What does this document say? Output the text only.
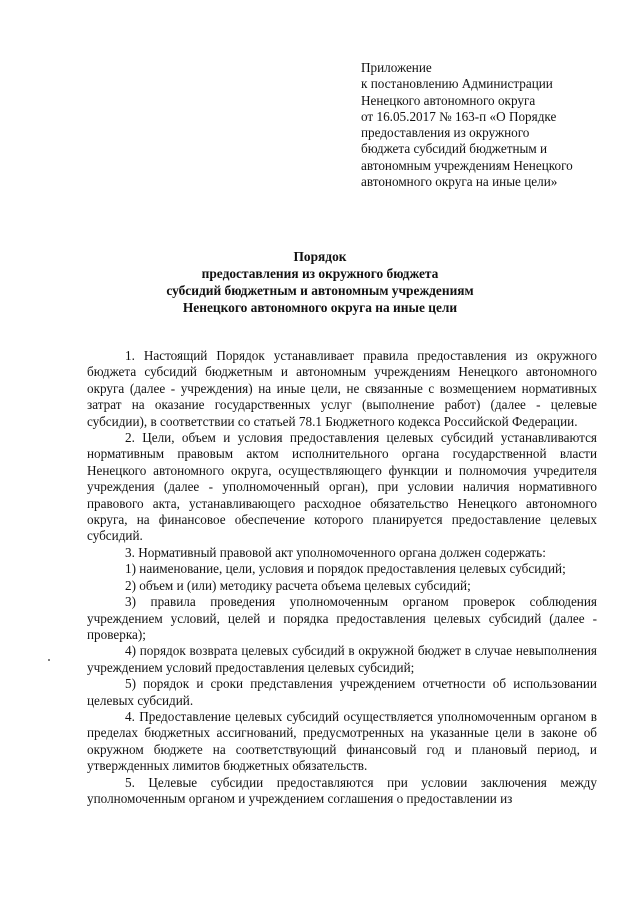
Приложение
к постановлению Администрации
Ненецкого автономного округа
от 16.05.2017 № 163-п «О Порядке
предоставления из окружного
бюджета субсидий бюджетным и
автономным учреждениям Ненецкого
автономного округа на иные цели»
Порядок
предоставления из окружного бюджета
субсидий бюджетным и автономным учреждениям
Ненецкого автономного округа на иные цели

1. Настоящий Порядок устанавливает правила предоставления из окружного бюджета субсидий бюджетным и автономным учреждениям Ненецкого автономного округа (далее - учреждения) на иные цели, не связанные с возмещением нормативных затрат на оказание государственных услуг (выполнение работ) (далее - целевые субсидии), в соответствии со статьей 78.1 Бюджетного кодекса Российской Федерации.

2. Цели, объем и условия предоставления целевых субсидий устанавливаются нормативным правовым актом исполнительного органа государственной власти Ненецкого автономного округа, осуществляющего функции и полномочия учредителя учреждения (далее - уполномоченный орган), при условии наличия нормативного правового акта, устанавливающего расходное обязательство Ненецкого автономного округа, на финансовое обеспечение которого планируется предоставление целевых субсидий.

3. Нормативный правовой акт уполномоченного органа должен содержать:

1) наименование, цели, условия и порядок предоставления целевых субсидий;

2) объем и (или) методику расчета объема целевых субсидий;

3) правила проведения уполномоченным органом проверок соблюдения учреждением условий, целей и порядка предоставления целевых субсидий (далее - проверка);

4) порядок возврата целевых субсидий в окружной бюджет в случае невыполнения учреждением условий предоставления целевых субсидий;

5) порядок и сроки представления учреждением отчетности об использовании целевых субсидий.

4. Предоставление целевых субсидий осуществляется уполномоченным органом в пределах бюджетных ассигнований, предусмотренных на указанные цели в законе об окружном бюджете на соответствующий финансовый год и плановый период, и утвержденных лимитов бюджетных обязательств.

5. Целевые субсидии предоставляются при условии заключения между уполномоченным органом и учреждением соглашения о предоставлении из
